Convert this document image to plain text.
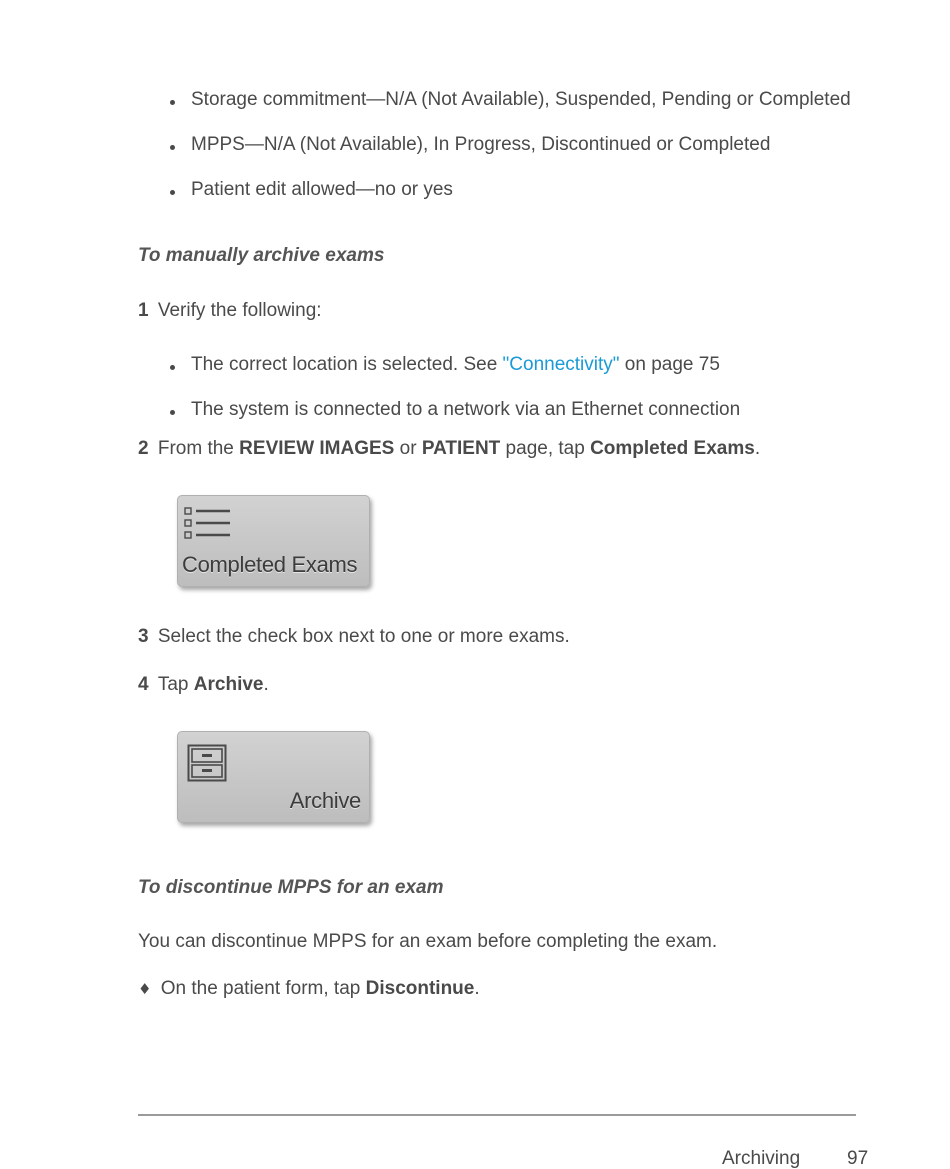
Storage commitment—N/A (Not Available), Suspended, Pending or Completed
MPPS—N/A (Not Available), In Progress, Discontinued or Completed
Patient edit allowed—no or yes
To manually archive exams
1 Verify the following:
The correct location is selected. See "Connectivity" on page 75
The system is connected to a network via an Ethernet connection
2 From the REVIEW IMAGES or PATIENT page, tap Completed Exams.
Completed Exams
3 Select the check box next to one or more exams.
4 Tap Archive.
Archive
To discontinue MPPS for an exam
You can discontinue MPPS for an exam before completing the exam.
♦ On the patient form, tap Discontinue.
Archiving 97
